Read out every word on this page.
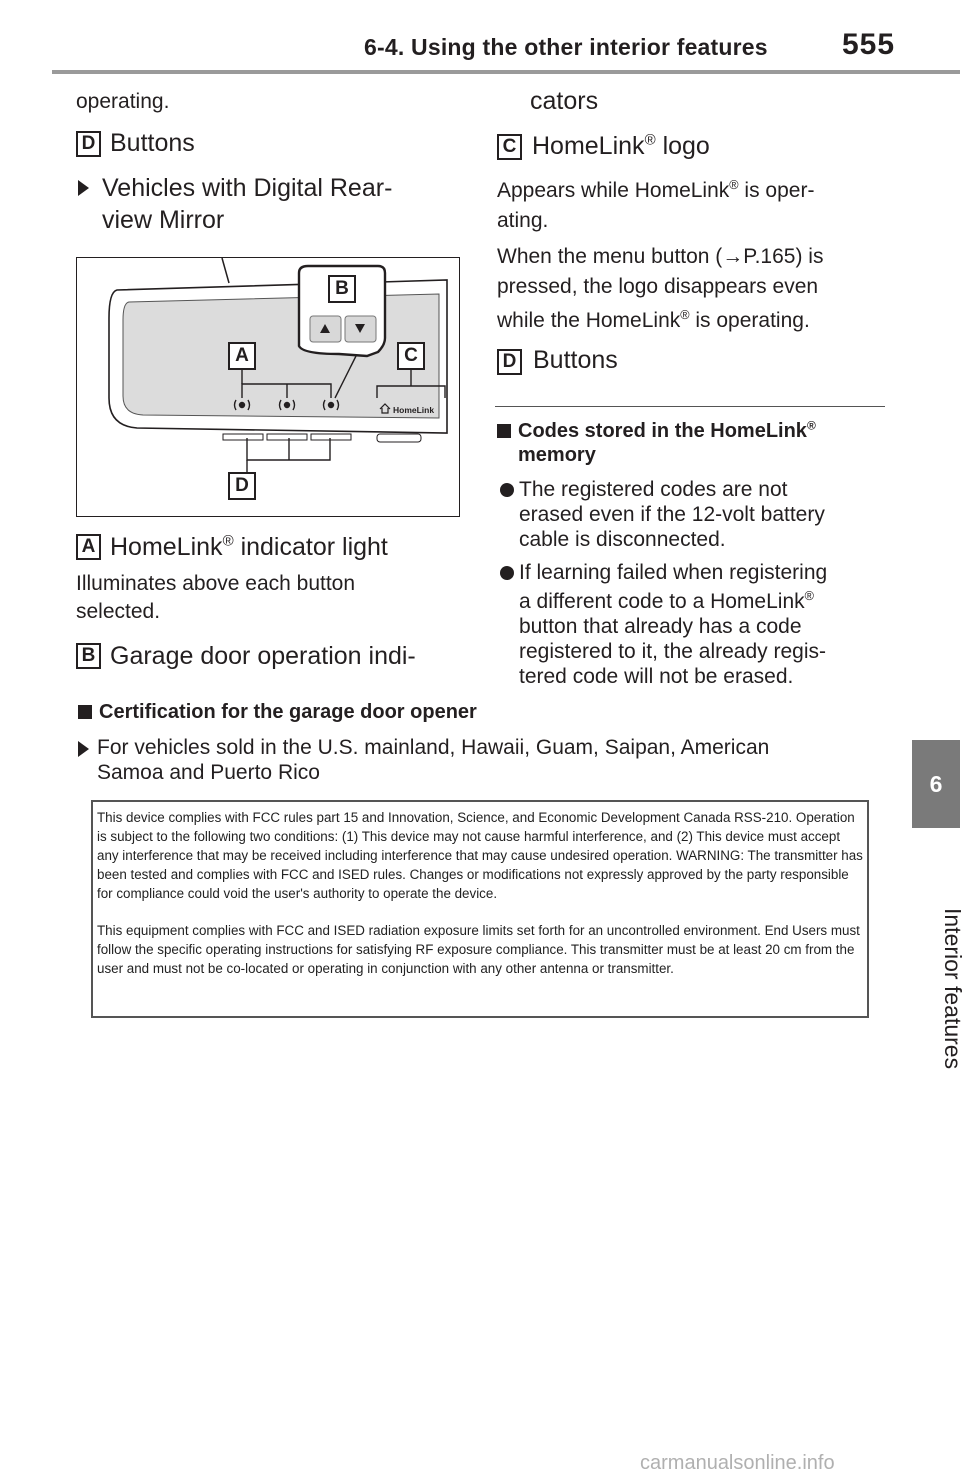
6-4. Using the other interior features 555
6
Interior features
operating.
D Buttons
Vehicles with Digital Rear-
view Mirror
HomeLink
B
A	C
D
A HomeLink® indicator light
Illuminates above each button
selected.
B Garage door operation indi-
cators
C HomeLink® logo
Appears while HomeLink® is oper-
ating.
When the menu button (→P.165) is
pressed, the logo disappears even
while the HomeLink® is operating.
D Buttons
Codes stored in the HomeLink®
memory
The registered codes are not
erased even if the 12-volt battery
cable is disconnected.
If learning failed when registering
a different code to a HomeLink®
button that already has a code
registered to it, the already regis-
tered code will not be erased.
Certification for the garage door opener
For vehicles sold in the U.S. mainland, Hawaii, Guam, Saipan, American
Samoa and Puerto Rico

This device complies with FCC rules part 15 and Innovation, Science, and Economic Development Canada RSS-210. Operation is subject to the following two conditions: (1) This device may not cause harmful interference, and (2) This device must accept any interference that may be received including interference that may cause undesired operation. WARNING: The transmitter has been tested and complies with FCC and ISED rules. Changes or modifications not expressly approved by the party responsible for compliance could void the user's authority to operate the device.

This equipment complies with FCC and ISED radiation exposure limits set forth for an uncontrolled environment. End Users must follow the specific operating instructions for satisfying RF exposure compliance. This transmitter must be at least 20 cm from the user and must not be co-located or operating in conjunction with any other antenna or transmitter.

carmanualsonline.info
